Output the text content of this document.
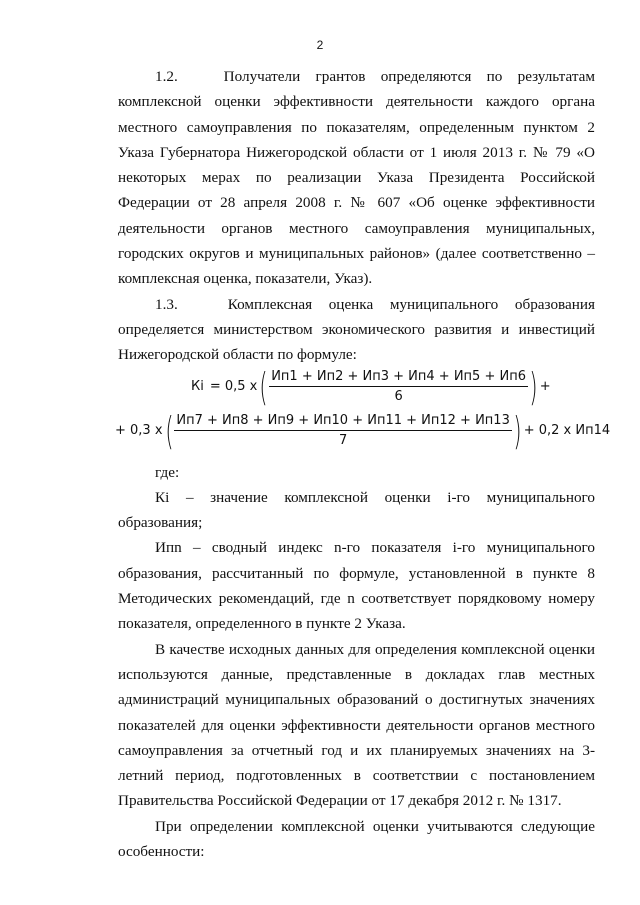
2

1.2.   Получатели грантов определяются по результатам комплексной оценки эффективности деятельности каждого органа местного самоуправления по показателям, определенным пунктом 2 Указа Губернатора Нижегородской области от 1 июля 2013 г. № 79 «О некоторых мерах по реализации Указа Президента Российской Федерации от 28 апреля 2008 г. № 607 «Об оценке эффективности деятельности органов местного самоуправления муниципальных, городских округов и муниципальных районов» (далее соответственно – комплексная оценка, показатели, Указ).

1.3.   Комплексная оценка муниципального образования определяется министерством экономического развития и инвестиций Нижегородской области по формуле:

Кi = 0,5 x ( $\frac{Ип1 + Ип2 + Ип3 + Ип4 + Ип5 + Ип6}{6}$ ) +
+ 0,3 x ( $\frac{Ип7 + Ип8 + Ип9 + Ип10 + Ип11 + Ип12 + Ип13}{7}$ ) + 0,2 x Ип14

где:

Кi – значение комплексной оценки i-го муниципального образования;

Ипn – сводный индекс n-го показателя i-го муниципального образования, рассчитанный по формуле, установленной в пункте 8 Методических рекомендаций, где n соответствует порядковому номеру показателя, определенного в пункте 2 Указа.

В качестве исходных данных для определения комплексной оценки используются данные, представленные в докладах глав местных администраций муниципальных образований о достигнутых значениях показателей для оценки эффективности деятельности органов местного самоуправления за отчетный год и их планируемых значениях на 3-летний период, подготовленных в соответствии с постановлением Правительства Российской Федерации от 17 декабря 2012 г. № 1317.

При определении комплексной оценки учитываются следующие особенности:
